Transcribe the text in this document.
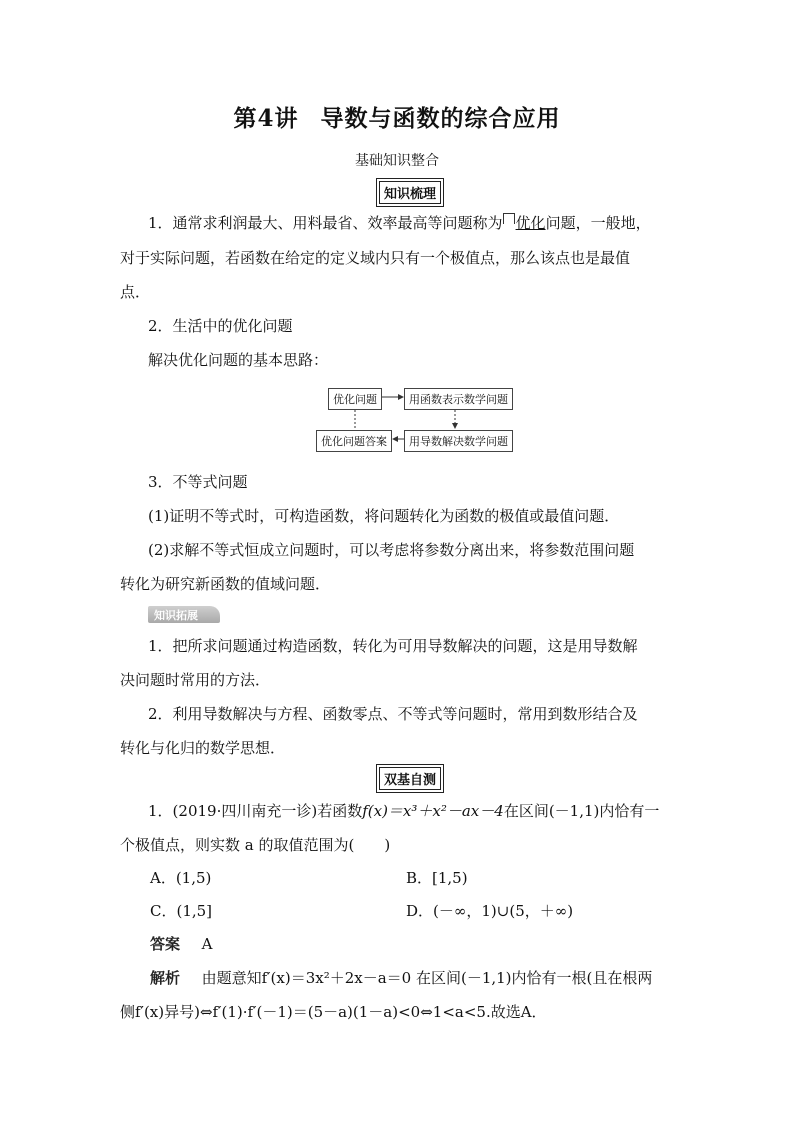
第4讲 导数与函数的综合应用
基础知识整合
知识梳理
1．通常求利润最大、用料最省、效率最高等问题称为 优化问题，一般地，
对于实际问题，若函数在给定的定义域内只有一个极值点，那么该点也是最值
点．
2．生活中的优化问题
解决优化问题的基本思路：
优化问题	用函数表示数学问题
用导数解决数学问题
优化问题答案
3．不等式问题
(1)证明不等式时，可构造函数，将问题转化为函数的极值或最值问题．
(2)求解不等式恒成立问题时，可以考虑将参数分离出来，将参数范围问题
转化为研究新函数的值域问题．
知识拓展
1．把所求问题通过构造函数，转化为可用导数解决的问题，这是用导数解
决问题时常用的方法．
2．利用导数解决与方程、函数零点、不等式等问题时，常用到数形结合及
转化与化归的数学思想．
双基自测
1．(2019·四川南充一诊)若函数f(x)＝x³＋x²－ax－4在区间(－1,1)内恰有一
个极值点，则实数 a 的取值范围为(　　)
A．(1,5)	B．[1,5)
C．(1,5]	D．(－∞，1)∪(5，＋∞)
答案 A
解析 由题意知f′(x)＝3x²＋2x－a＝0 在区间(－1,1)内恰有一根(且在根两
侧f′(x)异号)⇔f′(1)·f′(－1)＝(5－a)(1－a)<0⇔1<a<5.故选A．
